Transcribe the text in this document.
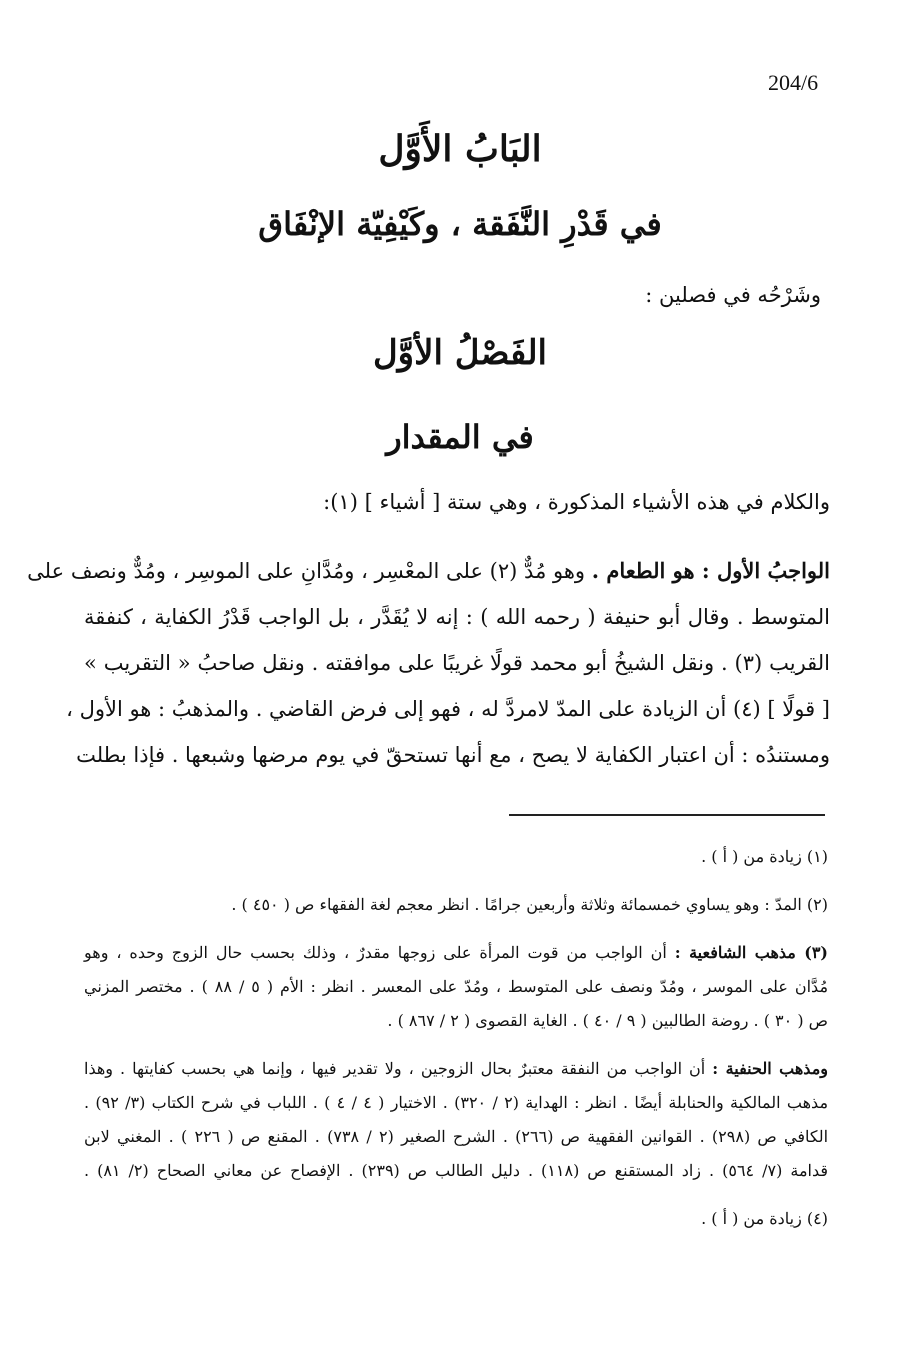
204/6
البَابُ الأَوَّل
في قَدْرِ النَّفَقة ، وكَيْفِيّة الإنْفَاق
وشَرْحُه في فصلين :
الفَصْلُ الأوَّل
في المقدار
والكلام في هذه الأشياء المذكورة ، وهي ستة [ أشياء ] (١):
الواجبُ الأول : هو الطعام . وهو مُدٌّ (٢) على المعْسِر ، ومُدَّانِ على الموسِر ، ومُدٌّ ونصف على
المتوسط . وقال أبو حنيفة ( رحمه الله ) : إنه لا يُقَدَّر ، بل الواجب قَدْرُ الكفاية ، كنفقة
القريب (٣) . ونقل الشيخُ أبو محمد قولًا غريبًا على موافقته . ونقل صاحبُ « التقريب »
[ قولًا ] (٤) أن الزيادة على المدّ لامردَّ له ، فهو إلى فرض القاضي . والمذهبُ : هو الأول ،
ومستندُه : أن اعتبار الكفاية لا يصح ، مع أنها تستحقّ في يوم مرضها وشبعها . فإذا بطلت
(١) زيادة من ( أ ) .
(٢) المدّ : وهو يساوي خمسمائة وثلاثة وأربعين جرامًا . انظر معجم لغة الفقهاء ص ( ٤٥٠ ) .
(٣) مذهب الشافعية : أن الواجب من قوت المرأة على زوجها مقدرٌ ، وذلك بحسب حال الزوج وحده ، وهو
مُدَّان على الموسر ، ومُدّ ونصف على المتوسط ، ومُدّ على المعسر . انظر : الأم ( ٥ / ٨٨ ) . مختصر المزني
ص ( ٣٠ ) . روضة الطالبين ( ٩ / ٤٠ ) . الغاية القصوى ( ٢ / ٨٦٧ ) .
ومذهب الحنفية : أن الواجب من النفقة معتبرٌ بحال الزوجين ، ولا تقدير فيها ، وإنما هي بحسب كفايتها . وهذا
مذهب المالكية والحنابلة أيضًا . انظر : الهداية (٢ / ٣٢٠) . الاختيار ( ٤ / ٤ ) . اللباب في شرح الكتاب (٣/ ٩٢) .
الكافي ص (٢٩٨) . القوانين الفقهية ص (٢٦٦) . الشرح الصغير (٢ / ٧٣٨) . المقنع ص ( ٢٢٦ ) . المغني لابن
قدامة (٧/ ٥٦٤) . زاد المستقنع ص (١١٨) . دليل الطالب ص (٢٣٩) . الإفصاح عن معاني الصحاح (٢/ ٨١) .
(٤) زيادة من ( أ ) .
